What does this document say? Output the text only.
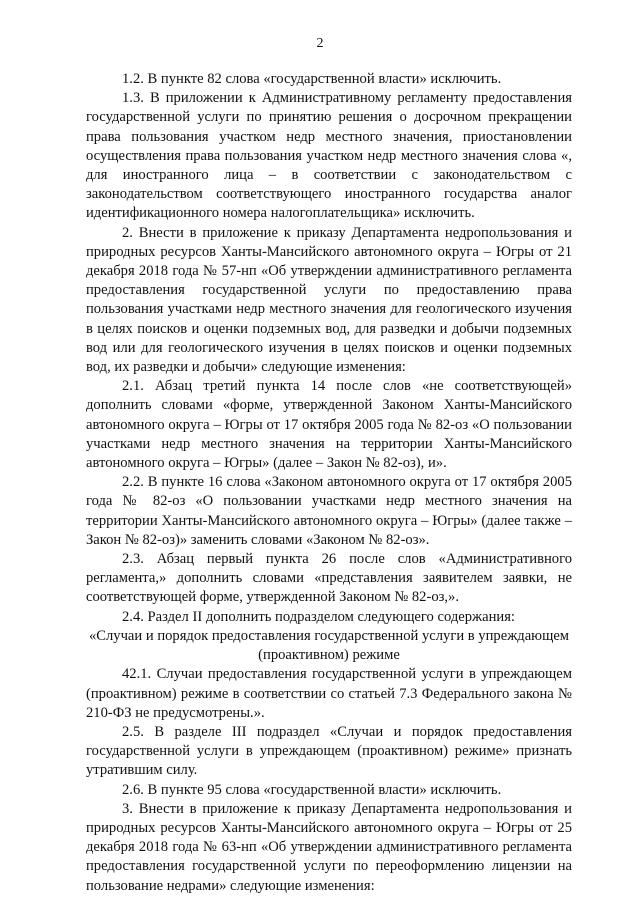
2

1.2. В пункте 82 слова «государственной власти» исключить.

1.3. В приложении к Административному регламенту предоставления государственной услуги по принятию решения о досрочном прекращении права пользования участком недр местного значения, приостановлении осуществления права пользования участком недр местного значения слова «, для иностранного лица – в соответствии с законодательством с законодательством соответствующего иностранного государства аналог идентификационного номера налогоплательщика» исключить.

2. Внести в приложение к приказу Департамента недропользования и природных ресурсов Ханты-Мансийского автономного округа – Югры от 21 декабря 2018 года № 57-нп «Об утверждении административного регламента предоставления государственной услуги по предоставлению права пользования участками недр местного значения для геологического изучения в целях поисков и оценки подземных вод, для разведки и добычи подземных вод или для геологического изучения в целях поисков и оценки подземных вод, их разведки и добычи» следующие изменения:

2.1. Абзац третий пункта 14 после слов «не соответствующей» дополнить словами «форме, утвержденной Законом Ханты-Мансийского автономного округа – Югры от 17 октября 2005 года № 82-оз «О пользовании участками недр местного значения на территории Ханты-Мансийского автономного округа – Югры» (далее – Закон № 82-оз), и».

2.2. В пункте 16 слова «Законом автономного округа от 17 октября 2005 года № 82-оз «О пользовании участками недр местного значения на территории Ханты-Мансийского автономного округа – Югры» (далее также – Закон № 82-оз)» заменить словами «Законом № 82-оз».

2.3. Абзац первый пункта 26 после слов «Административного регламента,» дополнить словами «представления заявителем заявки, не соответствующей форме, утвержденной Законом № 82-оз,».

2.4. Раздел II дополнить подразделом следующего содержания:

«Случаи и порядок предоставления государственной услуги в упреждающем (проактивном) режиме

42.1. Случаи предоставления государственной услуги в упреждающем (проактивном) режиме в соответствии со статьей 7.3 Федерального закона № 210-ФЗ не предусмотрены.».

2.5. В разделе III подраздел «Случаи и порядок предоставления государственной услуги в упреждающем (проактивном) режиме» признать утратившим силу.

2.6. В пункте 95 слова «государственной власти» исключить.

3. Внести в приложение к приказу Департамента недропользования и природных ресурсов Ханты-Мансийского автономного округа – Югры от 25 декабря 2018 года № 63-нп «Об утверждении административного регламента предоставления государственной услуги по переоформлению лицензии на пользование недрами» следующие изменения:
